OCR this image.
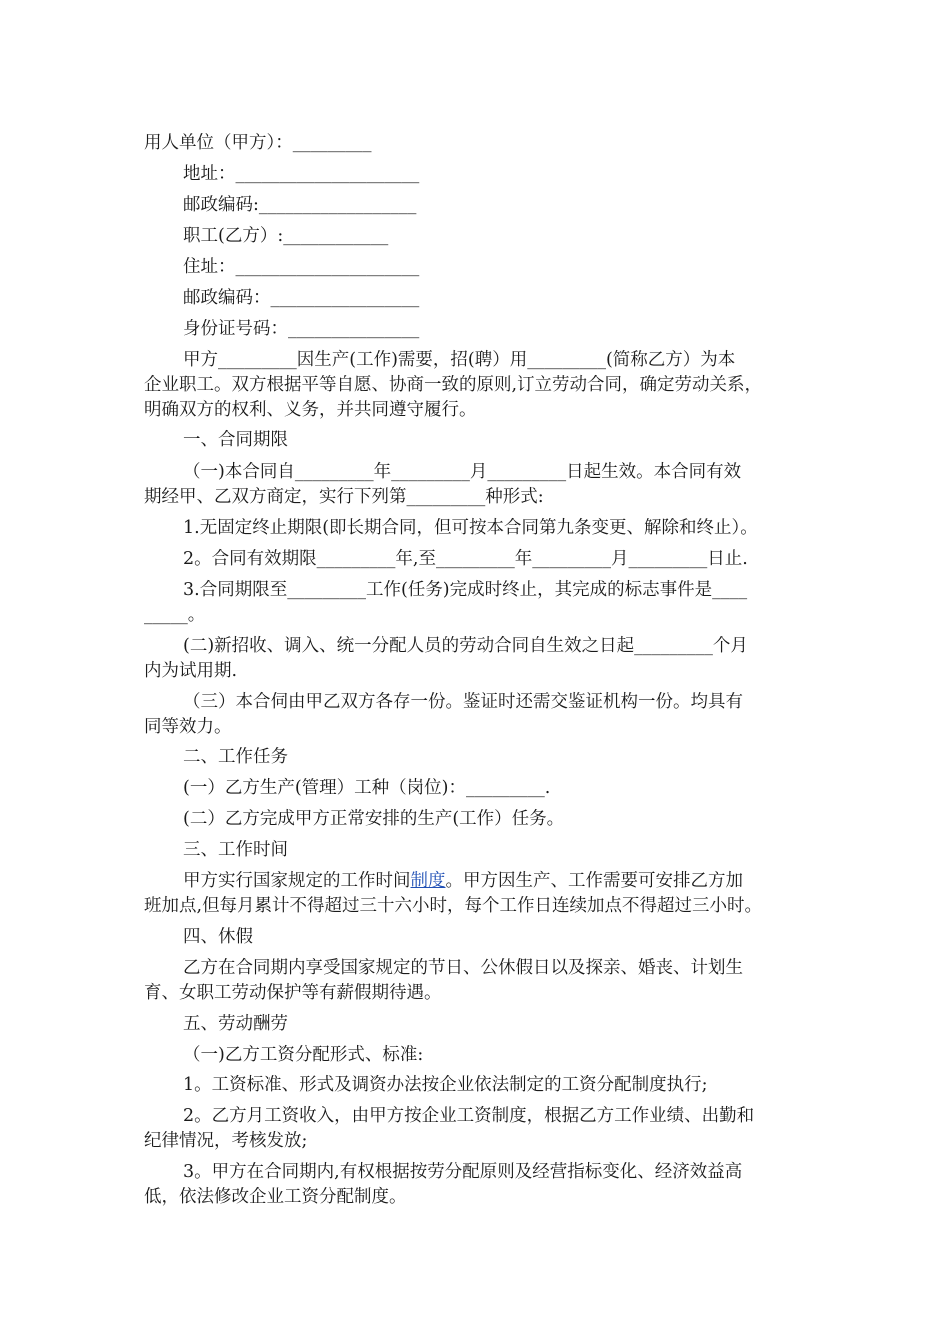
用人单位（甲方）：_________
地址：_____________________
邮政编码:__________________
职工(乙方）:____________
住址：_____________________
邮政编码：_________________
身份证号码：_______________
甲方_________因生产(工作)需要，招(聘）用_________(简称乙方）为本
企业职工。双方根据平等自愿、协商一致的原则,订立劳动合同，确定劳动关系，
明确双方的权利、义务，并共同遵守履行。
一、合同期限
（一)本合同自_________年_________月_________日起生效。本合同有效
期经甲、乙双方商定，实行下列第_________种形式:
1.无固定终止期限(即长期合同，但可按本合同第九条变更、解除和终止）。
2。合同有效期限_________年,至_________年_________月_________日止.
3.合同期限至_________工作(任务)完成时终止，其完成的标志事件是____
_____。
(二)新招收、调入、统一分配人员的劳动合同自生效之日起_________个月
内为试用期.
（三）本合伺由甲乙双方各存一份。鉴证时还需交鉴证机构一份。均具有
同等效力。
二、工作任务
(一）乙方生产(管理）工种（岗位)：_________.
(二）乙方完成甲方正常安排的生产(工作）任务。
三、工作时间
甲方实行国家规定的工作时间制度。甲方因生产、工作需要可安排乙方加
班加点,但每月累计不得超过三十六小时，每个工作日连续加点不得超过三小时。
四、休假
乙方在合同期内享受国家规定的节日、公休假日以及探亲、婚丧、计划生
育、女职工劳动保护等有薪假期待遇。
五、劳动酬劳
（一)乙方工资分配形式、标准:
1。工资标准、形式及调资办法按企业依法制定的工资分配制度执行;
2。乙方月工资收入，由甲方按企业工资制度，根据乙方工作业绩、出勤和
纪律情况，考核发放;
3。甲方在合同期内,有权根据按劳分配原则及经营指标变化、经济效益高
低，依法修改企业工资分配制度。
